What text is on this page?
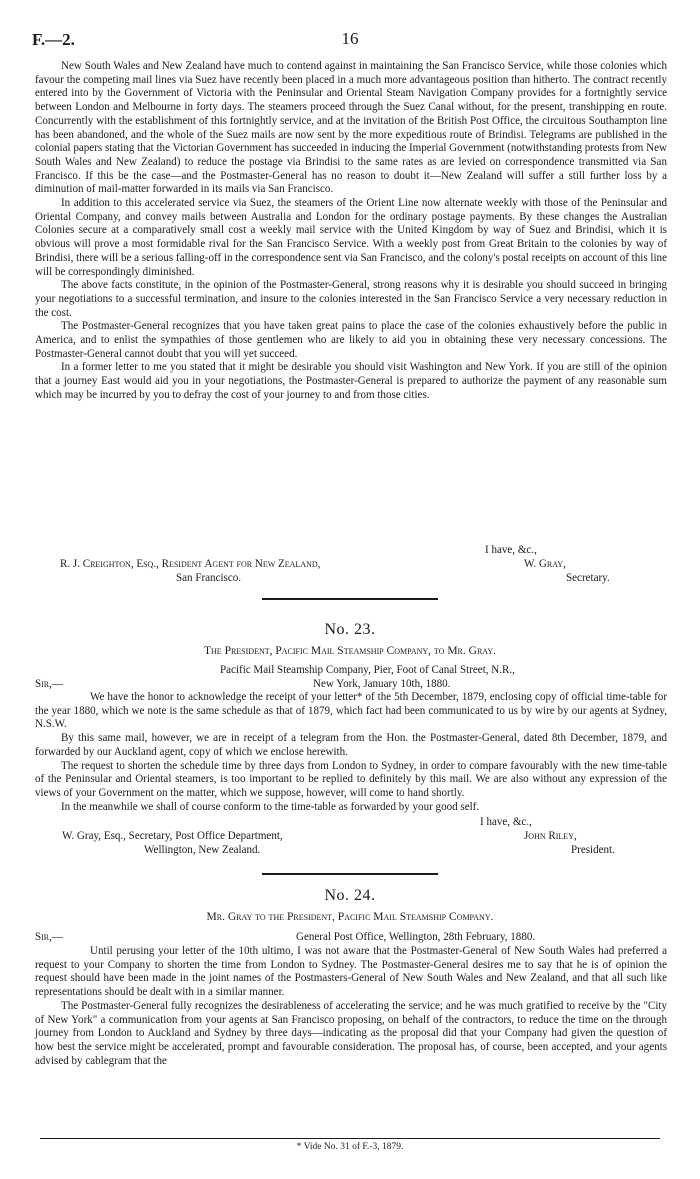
F.—2.	16

New South Wales and New Zealand have much to contend against in maintaining the San Francisco Service, while those colonies which favour the competing mail lines via Suez have recently been placed in a much more advantageous position than hitherto. The contract recently entered into by the Government of Victoria with the Peninsular and Oriental Steam Navigation Company provides for a fortnightly service between London and Melbourne in forty days. The steamers proceed through the Suez Canal without, for the present, transhipping en route. Concurrently with the establishment of this fortnightly service, and at the invitation of the British Post Office, the circuitous Southampton line has been abandoned, and the whole of the Suez mails are now sent by the more expeditious route of Brindisi. Telegrams are published in the colonial papers stating that the Victorian Government has succeeded in inducing the Imperial Government (notwithstanding protests from New South Wales and New Zealand) to reduce the postage via Brindisi to the same rates as are levied on correspondence transmitted via San Francisco. If this be the case—and the Postmaster-General has no reason to doubt it—New Zealand will suffer a still further loss by a diminution of mail-matter forwarded in its mails via San Francisco.

In addition to this accelerated service via Suez, the steamers of the Orient Line now alternate weekly with those of the Peninsular and Oriental Company, and convey mails between Australia and London for the ordinary postage payments. By these changes the Australian Colonies secure at a comparatively small cost a weekly mail service with the United Kingdom by way of Suez and Brindisi, which it is obvious will prove a most formidable rival for the San Francisco Service. With a weekly post from Great Britain to the colonies by way of Brindisi, there will be a serious falling-off in the correspondence sent via San Francisco, and the colony's postal receipts on account of this line will be correspondingly diminished.

The above facts constitute, in the opinion of the Postmaster-General, strong reasons why it is desirable you should succeed in bringing your negotiations to a successful termination, and insure to the colonies interested in the San Francisco Service a very necessary reduction in the cost.

The Postmaster-General recognizes that you have taken great pains to place the case of the colonies exhaustively before the public in America, and to enlist the sympathies of those gentlemen who are likely to aid you in obtaining these very necessary concessions. The Postmaster-General cannot doubt that you will yet succeed.

In a former letter to me you stated that it might be desirable you should visit Washington and New York. If you are still of the opinion that a journey East would aid you in your negotiations, the Postmaster-General is prepared to authorize the payment of any reasonable sum which may be incurred by you to defray the cost of your journey to and from those cities.

I have, &c.,
R. J. Creighton, Esq., Resident Agent for New Zealand,	W. Gray,
San Francisco.	Secretary.
No. 23.
The President, Pacific Mail Steamship Company, to Mr. Gray.
Pacific Mail Steamship Company, Pier, Foot of Canal Street, N.R.,
Sir,—	New York, January 10th, 1880.

We have the honor to acknowledge the receipt of your letter* of the 5th December, 1879, enclosing copy of official time-table for the year 1880, which we note is the same schedule as that of 1879, which fact had been communicated to us by wire by our agents at Sydney, N.S.W.

By this same mail, however, we are in receipt of a telegram from the Hon. the Postmaster-General, dated 8th December, 1879, and forwarded by our Auckland agent, copy of which we enclose herewith.

The request to shorten the schedule time by three days from London to Sydney, in order to compare favourably with the new time-table of the Peninsular and Oriental steamers, is too important to be replied to definitely by this mail. We are also without any expression of the views of your Government on the matter, which we suppose, however, will come to hand shortly.

In the meanwhile we shall of course conform to the time-table as forwarded by your good self.

I have, &c.,
W. Gray, Esq., Secretary, Post Office Department,	John Riley,
Wellington, New Zealand.	President.
No. 24.
Mr. Gray to the President, Pacific Mail Steamship Company.
Sir,—	General Post Office, Wellington, 28th February, 1880.

Until perusing your letter of the 10th ultimo, I was not aware that the Postmaster-General of New South Wales had preferred a request to your Company to shorten the time from London to Sydney. The Postmaster-General desires me to say that he is of opinion the request should have been made in the joint names of the Postmasters-General of New South Wales and New Zealand, and that all such like representations should be dealt with in a similar manner.

The Postmaster-General fully recognizes the desirableness of accelerating the service; and he was much gratified to receive by the "City of New York" a communication from your agents at San Francisco proposing, on behalf of the contractors, to reduce the time on the through journey from London to Auckland and Sydney by three days—indicating as the proposal did that your Company had given the question of how best the service might be accelerated, prompt and favourable consideration. The proposal has, of course, been accepted, and your agents advised by cablegram that the

* Vide No. 31 of F.-3, 1879.
